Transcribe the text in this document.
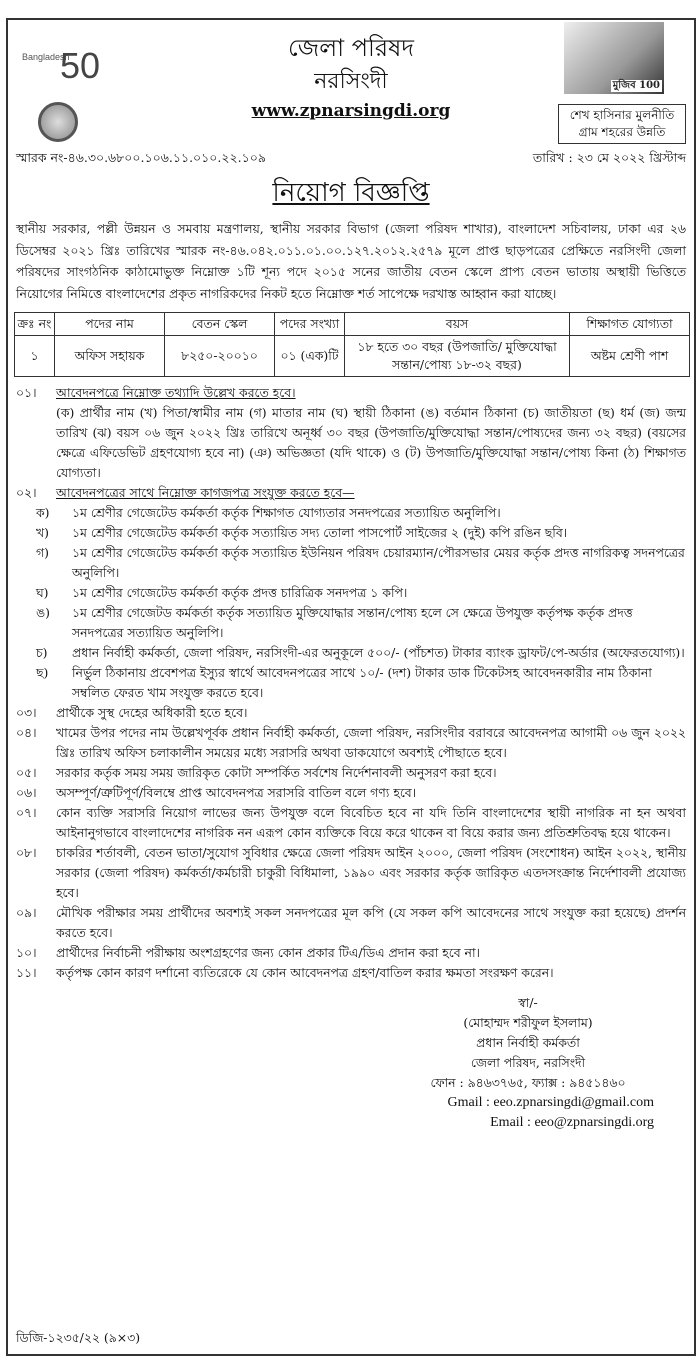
Bangladesh
50	জেলা পরিষদ
নরসিংদী
www.zpnarsingdi.org
মুজিব 100
শেখ হাসিনার মুলনীতি
গ্রাম শহরের উন্নতি
স্মারক নং-৪৬.৩০.৬৮০০.১০৬.১১.০১০.২২.১০৯	তারিখ : ২৩ মে ২০২২ খ্রিস্টাব্দ
নিয়োগ বিজ্ঞপ্তি

স্থানীয় সরকার, পল্লী উন্নয়ন ও সমবায় মন্ত্রণালয়, স্থানীয় সরকার বিভাগ (জেলা পরিষদ শাখার), বাংলাদেশ সচিবালয়, ঢাকা এর ২৬ ডিসেম্বর ২০২১ খ্রিঃ তারিখের স্মারক নং-৪৬.০৪২.০১১.০১.০০.১২৭.২০১২.২৫৭৯ মূলে প্রাপ্ত ছাড়পত্রের প্রেক্ষিতে নরসিংদী জেলা পরিষদের সাংগঠনিক কাঠামোভুক্ত নিম্নোক্ত ১টি শূন্য পদে ২০১৫ সনের জাতীয় বেতন স্কেলে প্রাপ্য বেতন ভাতায় অস্থায়ী ভিত্তিতে নিয়োগের নিমিত্তে বাংলাদেশের প্রকৃত নাগরিকদের নিকট হতে নিম্নোক্ত শর্ত সাপেক্ষে দরখাস্ত আহ্বান করা যাচ্ছে।

ক্রঃ নং	পদের নাম	বেতন স্কেল	পদের সংখ্যা	বয়স	শিক্ষাগত যোগ্যতা
১	অফিস সহায়ক	৮২৫০-২০০১০	০১ (এক)টি	১৮ হতে ৩০ বছর (উপজাতি/ মুক্তিযোদ্ধা সন্তান/পোষ্য ১৮-৩২ বছর)	অষ্টম শ্রেণী পাশ
০১।	আবেদনপত্রে নিম্নোক্ত তথ্যাদি উল্লেখ করতে হবে।
(ক) প্রার্থীর নাম (খ) পিতা/স্বামীর নাম (গ) মাতার নাম (ঘ) স্থায়ী ঠিকানা (ঙ) বর্তমান ঠিকানা (চ) জাতীয়তা (ছ) ধর্ম (জ) জন্ম তারিখ (ঝ) বয়স ০৬ জুন ২০২২ খ্রিঃ তারিখে অনূর্ধ্ব ৩০ বছর (উপজাতি/মুক্তিযোদ্ধা সন্তান/পোষ্যদের জন্য ৩২ বছর) (বয়সের ক্ষেত্রে এফিডেভিট গ্রহণযোগ্য হবে না) (ঞ) অভিজ্ঞতা (যদি থাকে) ও (ট) উপজাতি/মুক্তিযোদ্ধা সন্তান/পোষ্য কিনা (ঠ) শিক্ষাগত যোগ্যতা।
০২।	আবেদনপত্রের সাথে নিম্নোক্ত কাগজপত্র সংযুক্ত করতে হবে—
ক)	১ম শ্রেণীর গেজেটেড কর্মকর্তা কর্তৃক শিক্ষাগত যোগ্যতার সনদপত্রের সত্যায়িত অনুলিপি।
খ)	১ম শ্রেণীর গেজেটেড কর্মকর্তা কর্তৃক সত্যায়িত সদ্য তোলা পাসপোর্ট সাইজের ২ (দুই) কপি রঙিন ছবি।
গ)	১ম শ্রেণীর গেজেটেড কর্মকর্তা কর্তৃক সত্যায়িত ইউনিয়ন পরিষদ চেয়ারম্যান/পৌরসভার মেয়র কর্তৃক প্রদত্ত নাগরিকত্ব সদনপত্রের অনুলিপি।
ঘ)	১ম শ্রেণীর গেজেটেড কর্মকর্তা কর্তৃক প্রদত্ত চারিত্রিক সনদপত্র ১ কপি।
ঙ)	১ম শ্রেণীর গেজেটড কর্মকর্তা কর্তৃক সত্যায়িত মুক্তিযোদ্ধার সন্তান/পোষ্য হলে সে ক্ষেত্রে উপযুক্ত কর্তৃপক্ষ কর্তৃক প্রদত্ত সনদপত্রের সত্যায়িত অনুলিপি।
চ)	প্রধান নির্বাহী কর্মকর্তা, জেলা পরিষদ, নরসিংদী-এর অনুকূলে ৫০০/- (পাঁচশত) টাকার ব্যাংক ড্রাফট/পে-অর্ডার (অফেরতযোগ্য)।
ছ)	নির্ভুল ঠিকানায় প্রবেশপত্র ইস্যুর স্বার্থে আবেদনপত্রের সাথে ১০/- (দশ) টাকার ডাক টিকেটসহ আবেদনকারীর নাম ঠিকানা সম্বলিত ফেরত খাম সংযুক্ত করতে হবে।
০৩।	প্রার্থীকে সুস্থ দেহের অধিকারী হতে হবে।
০৪।	খামের উপর পদের নাম উল্লেখপূর্বক প্রধান নির্বাহী কর্মকর্তা, জেলা পরিষদ, নরসিংদীর বরাবরে আবেদনপত্র আগামী ০৬ জুন ২০২২ খ্রিঃ তারিখ অফিস চলাকালীন সময়ের মধ্যে সরাসরি অথবা ডাকযোগে অবশ্যই পৌছাতে হবে।
০৫।	সরকার কর্তৃক সময় সময় জারিকৃত কোটা সম্পর্কিত সর্বশেষ নির্দেশনাবলী অনুসরণ করা হবে।
০৬।	অসম্পূর্ণ/ত্রুটিপূর্ণ/বিলম্বে প্রাপ্ত আবেদনপত্র সরাসরি বাতিল বলে গণ্য হবে।
০৭।	কোন ব্যক্তি সরাসরি নিয়োগ লাভের জন্য উপযুক্ত বলে বিবেচিত হবে না যদি তিনি বাংলাদেশের স্থায়ী নাগরিক না হন অথবা আইনানুগভাবে বাংলাদেশের নাগরিক নন এরূপ কোন ব্যক্তিকে বিয়ে করে থাকেন বা বিয়ে করার জন্য প্রতিশ্রুতিবদ্ধ হয়ে থাকেন।
০৮।	চাকরির শর্তাবলী, বেতন ভাতা/সুযোগ সুবিধার ক্ষেত্রে জেলা পরিষদ আইন ২০০০, জেলা পরিষদ (সংশোধন) আইন ২০২২, স্থানীয় সরকার (জেলা পরিষদ) কর্মকর্তা/কর্মচারী চাকুরী বিধিমালা, ১৯৯০ এবং সরকার কর্তৃক জারিকৃত এতদসংক্রান্ত নির্দেশাবলী প্রযোজ্য হবে।
০৯।	মৌখিক পরীক্ষার সময় প্রার্থীদের অবশ্যই সকল সনদপত্রের মূল কপি (যে সকল কপি আবেদনের সাথে সংযুক্ত করা হয়েছে) প্রদর্শন করতে হবে।
১০।	প্রার্থীদের নির্বাচনী পরীক্ষায় অংশগ্রহণের জন্য কোন প্রকার টিএ/ডিএ প্রদান করা হবে না।
১১।	কর্তৃপক্ষ কোন কারণ দর্শানো ব্যতিরেকে যে কোন আবেদনপত্র গ্রহণ/বাতিল করার ক্ষমতা সংরক্ষণ করেন।
স্বা/-
(মোহাম্মদ শরীফুল ইসলাম)
প্রধান নির্বাহী কর্মকর্তা
জেলা পরিষদ, নরসিংদী
ফোন : ৯৪৬৩৭৬৫, ফ্যাক্স : ৯৪৫১৪৬০
Gmail : eeo.zpnarsingdi@gmail.com
Email : eeo@zpnarsingdi.org
ডিজি-১২৩৫/২২ (৯×৩)
